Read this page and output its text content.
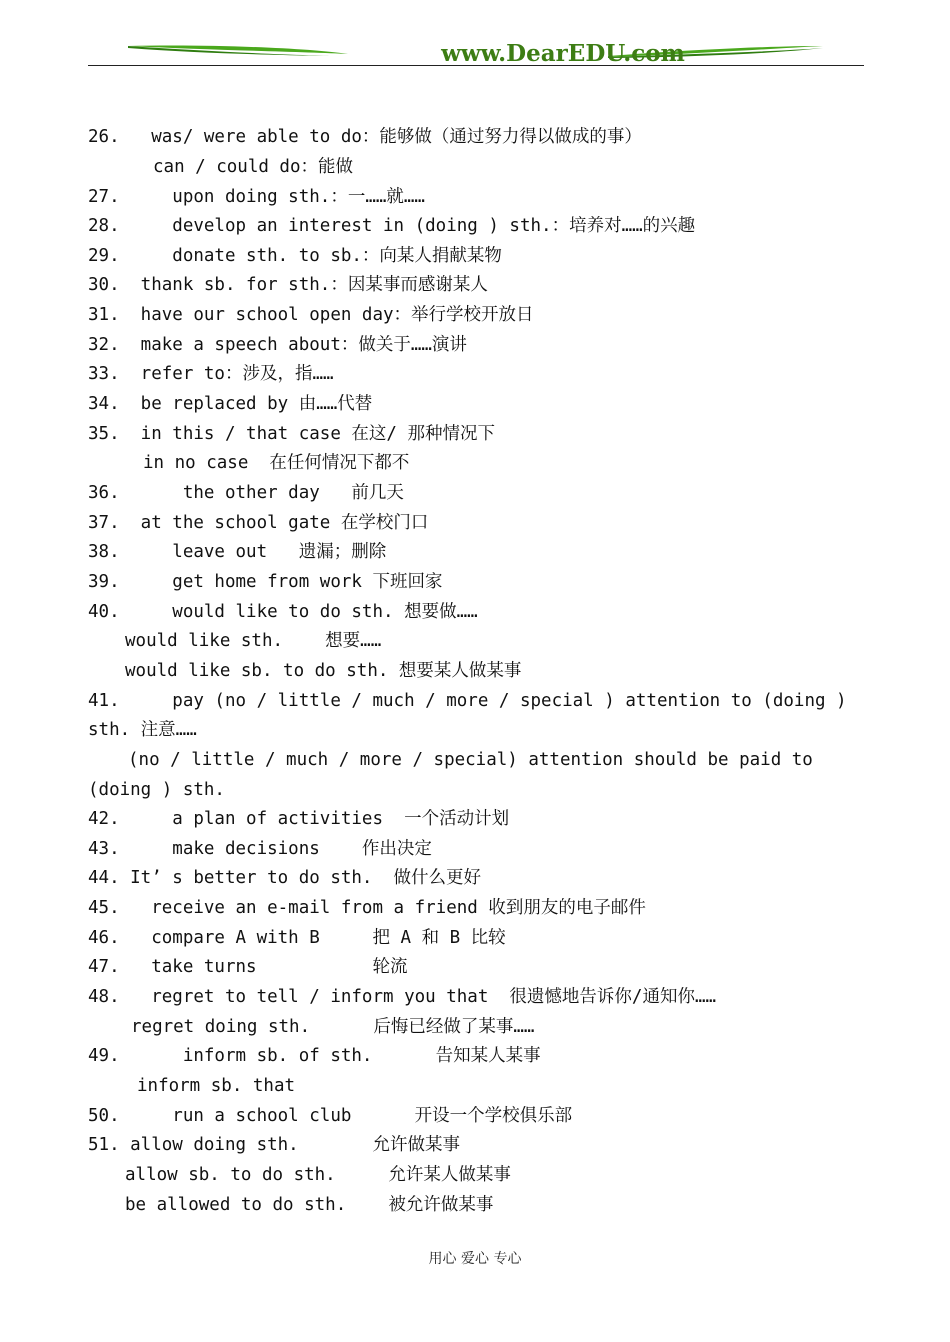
www.DearEDU.com
26.   was/ were able to do：能够做（通过努力得以做成的事）
can / could do：能做
27.     upon doing sth.：一……就……
28.     develop an interest in (doing ) sth.：培养对……的兴趣
29.     donate sth. to sb.：向某人捐献某物
30.  thank sb. for sth.：因某事而感谢某人
31.  have our school open day：举行学校开放日
32.  make a speech about：做关于……演讲
33.  refer to：涉及，指……
34.  be replaced by 由……代替
35.  in this / that case 在这/ 那种情况下
in no case  在任何情况下都不
36.      the other day   前几天
37.  at the school gate 在学校门口
38.     leave out   遗漏；删除
39.     get home from work 下班回家
40.     would like to do sth. 想要做……
would like sth.    想要……
would like sb. to do sth. 想要某人做某事
41.     pay (no / little / much / more / special ) attention to (doing )
sth. 注意……
(no / little / much / more / special) attention should be paid to
(doing ) sth.
42.     a plan of activities  一个活动计划
43.     make decisions    作出决定
44. It’ s better to do sth.  做什么更好
45.   receive an e-mail from a friend 收到朋友的电子邮件
46.   compare A with B     把 A 和 B 比较
47.   take turns           轮流
48.   regret to tell / inform you that  很遗憾地告诉你/通知你……
regret doing sth.      后悔已经做了某事……
49.      inform sb. of sth.      告知某人某事
inform sb. that
50.     run a school club      开设一个学校俱乐部
51. allow doing sth.       允许做某事
allow sb. to do sth.     允许某人做某事
be allowed to do sth.    被允许做某事
用心 爱心 专心
